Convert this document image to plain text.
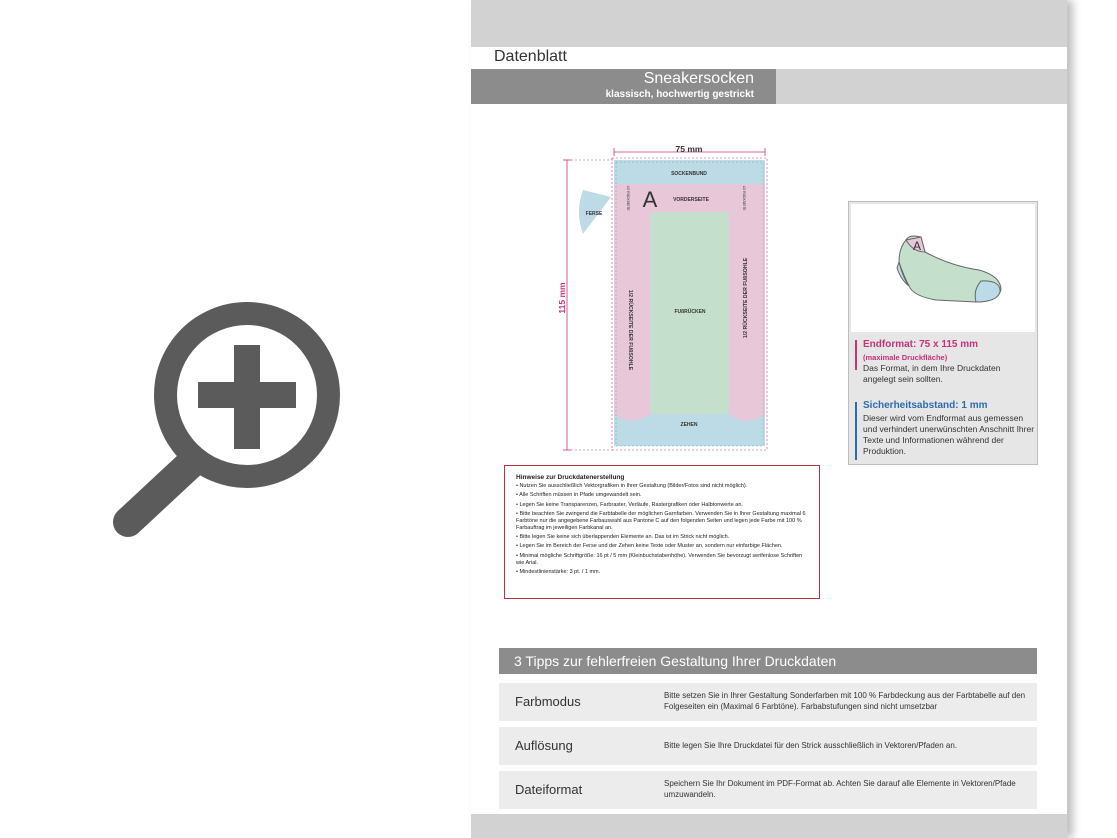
Datenblatt
Sneakersocken
klassisch, hochwertig gestrickt
75 mm
115 mm
SOCKENBUND
A	VORDERSEITE
1/2 RÜCKSEITE	1/2 RÜCKSEITE
FERSE
FUßRÜCKEN
1/2 RÜCKSEITE DER FUßSOHLE	1/2 RÜCKSEITE DER FUßSOHLE
ZEHEN
A
Endformat: 75 x 115 mm
(maximale Druckfläche)
Das Format, in dem Ihre Druckdaten angelegt sein sollten.
Sicherheitsabstand: 1 mm
Dieser wird vom Endformat aus gemessen und verhindert unerwünschten Anschnitt Ihrer Texte und Informationen während der Produktion.
Hinweise zur Druckdatenerstellung
• Nutzen Sie ausschließlich Vektorgrafiken in Ihrer Gestaltung (Bilder/Fotos sind nicht möglich).
• Alle Schriften müssen in Pfade umgewandelt sein.
• Legen Sie keine Transparenzen, Farbraster, Verläufe, Rastergrafiken oder Halbtonwerte an.
• Bitte beachten Sie zwingend die Farbtabelle der möglichen Garnfarben. Verwenden Sie in Ihrer Gestaltung maximal 6 Farbtöne nur die angegebene Farbauswahl aus Pantone C auf den folgenden Seiten und legen jede Farbe mit 100 % Farbauftrag im jeweiligen Farbkanal an.
• Bitte legen Sie keine sich überlappenden Elemente an. Das ist im Strick nicht möglich.
• Legen Sie im Bereich der Ferse und der Zehen keine Texte oder Muster an, sondern nur einfarbige Flächen.
• Minimal mögliche Schriftgröße: 16 pt / 5 mm (Kleinbuchstabenhöhe). Verwenden Sie bevorzugt serifenlose Schriften wie Arial.
• Mindestlinienstärke: 3 pt. / 1 mm.
3 Tipps zur fehlerfreien Gestaltung Ihrer Druckdaten
Farbmodus	Bitte setzen Sie in Ihrer Gestaltung Sonderfarben mit 100 % Farbdeckung aus der Farbtabelle auf den Folgeseiten ein (Maximal 6 Farbtöne). Farbabstufungen sind nicht umsetzbar
Auflösung	Bitte legen Sie Ihre Druckdatei für den Strick ausschließlich in Vektoren/Pfaden an.
Dateiformat	Speichern Sie Ihr Dokument im PDF-Format ab. Achten Sie darauf alle Elemente in Vektoren/Pfade umzuwandeln.
